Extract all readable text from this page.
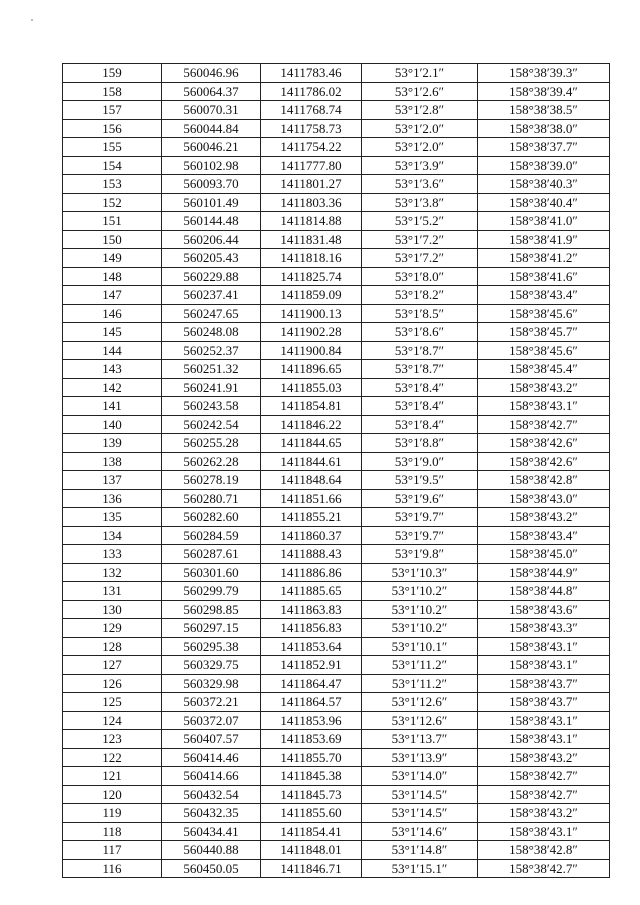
159	560046.96	1411783.46	53°1′2.1″	158°38′39.3″
158	560064.37	1411786.02	53°1′2.6″	158°38′39.4″
157	560070.31	1411768.74	53°1′2.8″	158°38′38.5″
156	560044.84	1411758.73	53°1′2.0″	158°38′38.0″
155	560046.21	1411754.22	53°1′2.0″	158°38′37.7″
154	560102.98	1411777.80	53°1′3.9″	158°38′39.0″
153	560093.70	1411801.27	53°1′3.6″	158°38′40.3″
152	560101.49	1411803.36	53°1′3.8″	158°38′40.4″
151	560144.48	1411814.88	53°1′5.2″	158°38′41.0″
150	560206.44	1411831.48	53°1′7.2″	158°38′41.9″
149	560205.43	1411818.16	53°1′7.2″	158°38′41.2″
148	560229.88	1411825.74	53°1′8.0″	158°38′41.6″
147	560237.41	1411859.09	53°1′8.2″	158°38′43.4″
146	560247.65	1411900.13	53°1′8.5″	158°38′45.6″
145	560248.08	1411902.28	53°1′8.6″	158°38′45.7″
144	560252.37	1411900.84	53°1′8.7″	158°38′45.6″
143	560251.32	1411896.65	53°1′8.7″	158°38′45.4″
142	560241.91	1411855.03	53°1′8.4″	158°38′43.2″
141	560243.58	1411854.81	53°1′8.4″	158°38′43.1″
140	560242.54	1411846.22	53°1′8.4″	158°38′42.7″
139	560255.28	1411844.65	53°1′8.8″	158°38′42.6″
138	560262.28	1411844.61	53°1′9.0″	158°38′42.6″
137	560278.19	1411848.64	53°1′9.5″	158°38′42.8″
136	560280.71	1411851.66	53°1′9.6″	158°38′43.0″
135	560282.60	1411855.21	53°1′9.7″	158°38′43.2″
134	560284.59	1411860.37	53°1′9.7″	158°38′43.4″
133	560287.61	1411888.43	53°1′9.8″	158°38′45.0″
132	560301.60	1411886.86	53°1′10.3″	158°38′44.9″
131	560299.79	1411885.65	53°1′10.2″	158°38′44.8″
130	560298.85	1411863.83	53°1′10.2″	158°38′43.6″
129	560297.15	1411856.83	53°1′10.2″	158°38′43.3″
128	560295.38	1411853.64	53°1′10.1″	158°38′43.1″
127	560329.75	1411852.91	53°1′11.2″	158°38′43.1″
126	560329.98	1411864.47	53°1′11.2″	158°38′43.7″
125	560372.21	1411864.57	53°1′12.6″	158°38′43.7″
124	560372.07	1411853.96	53°1′12.6″	158°38′43.1″
123	560407.57	1411853.69	53°1′13.7″	158°38′43.1″
122	560414.46	1411855.70	53°1′13.9″	158°38′43.2″
121	560414.66	1411845.38	53°1′14.0″	158°38′42.7″
120	560432.54	1411845.73	53°1′14.5″	158°38′42.7″
119	560432.35	1411855.60	53°1′14.5″	158°38′43.2″
118	560434.41	1411854.41	53°1′14.6″	158°38′43.1″
117	560440.88	1411848.01	53°1′14.8″	158°38′42.8″
116	560450.05	1411846.71	53°1′15.1″	158°38′42.7″
